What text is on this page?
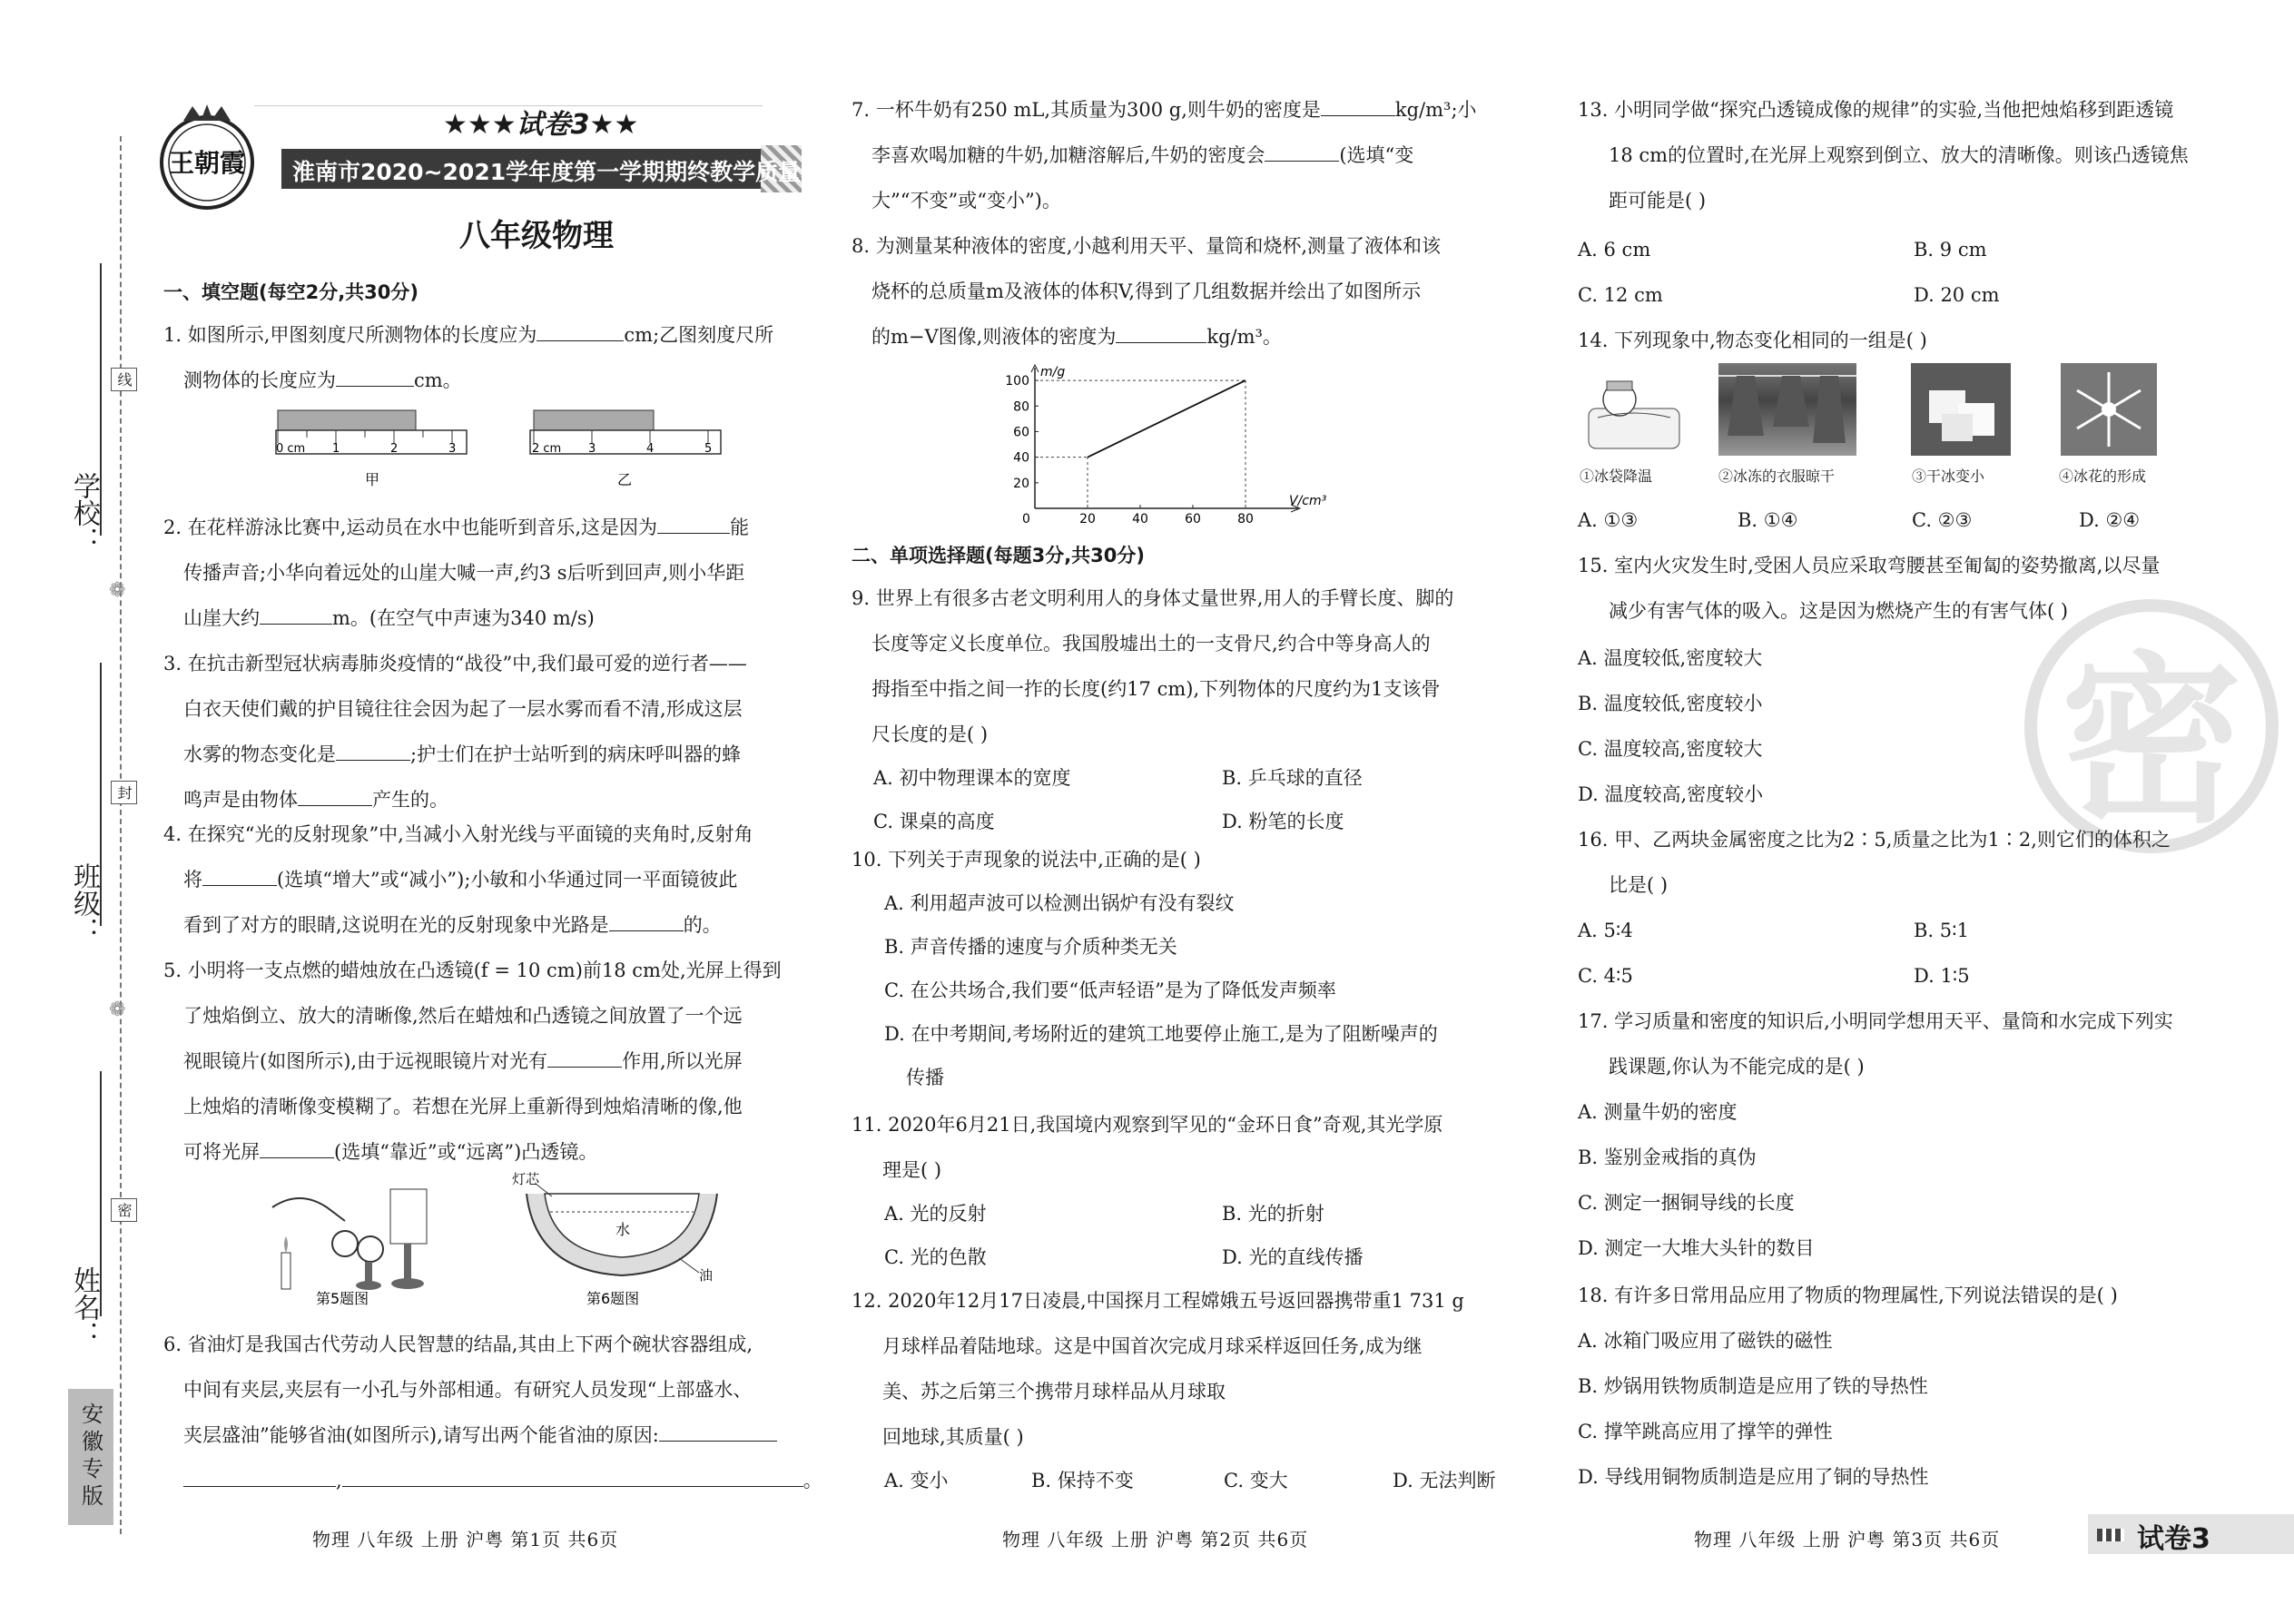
学校：
班级：
姓名：
线
封
密
❁
❁
安徽专版
王朝霞
★★★试卷3★★
淮南市2020~2021学年度第一学期期终教学质量检测试卷
八年级物理
一、填空题(每空2分,共30分)
1. 如图所示,甲图刻度尺所测物体的长度应为	cm;乙图刻度尺所
测物体的长度应为	cm。
0 cm 1	2	3
甲
2 cm 3	4	5
乙
2. 在花样游泳比赛中,运动员在水中也能听到音乐,这是因为	能
传播声音;小华向着远处的山崖大喊一声,约3 s后听到回声,则小华距
山崖大约	m。(在空气中声速为340 m/s)
3. 在抗击新型冠状病毒肺炎疫情的“战役”中,我们最可爱的逆行者——
白衣天使们戴的护目镜往往会因为起了一层水雾而看不清,形成这层
水雾的物态变化是	;护士们在护士站听到的病床呼叫器的蜂
鸣声是由物体	产生的。
4. 在探究“光的反射现象”中,当减小入射光线与平面镜的夹角时,反射角
将	(选填“增大”或“减小”);小敏和小华通过同一平面镜彼此
看到了对方的眼睛,这说明在光的反射现象中光路是	的。
5. 小明将一支点燃的蜡烛放在凸透镜(f = 10 cm)前18 cm处,光屏上得到
了烛焰倒立、放大的清晰像,然后在蜡烛和凸透镜之间放置了一个远
视眼镜片(如图所示),由于远视眼镜片对光有	作用,所以光屏
上烛焰的清晰像变模糊了。若想在光屏上重新得到烛焰清晰的像,他
可将光屏	(选填“靠近”或“远离”)凸透镜。
第5题图
灯芯
水
油
第6题图
6. 省油灯是我国古代劳动人民智慧的结晶,其由上下两个碗状容器组成,
中间有夹层,夹层有一小孔与外部相通。有研究人员发现“上部盛水、
夹层盛油”能够省油(如图所示),请写出两个能省油的原因:
,	。
物理 八年级 上册 沪粤 第1页 共6页
7. 一杯牛奶有250 mL,其质量为300 g,则牛奶的密度是	kg/m³;小
李喜欢喝加糖的牛奶,加糖溶解后,牛奶的密度会	(选填“变
大”“不变”或“变小”)。
8. 为测量某种液体的密度,小越利用天平、量筒和烧杯,测量了液体和该
烧杯的总质量m及液体的体积V,得到了几组数据并绘出了如图所示
的m−V图像,则液体的密度为	kg/m³。
m/g
V/cm³
0	20	40	60	80
20
40
60
80
100
二、单项选择题(每题3分,共30分)
9. 世界上有很多古老文明利用人的身体丈量世界,用人的手臂长度、脚的
长度等定义长度单位。我国殷墟出土的一支骨尺,约合中等身高人的
拇指至中指之间一拃的长度(约17 cm),下列物体的尺度约为1支该骨
尺长度的是( )
A. 初中物理课本的宽度	B. 乒乓球的直径
C. 课桌的高度	D. 粉笔的长度
10. 下列关于声现象的说法中,正确的是( )
A. 利用超声波可以检测出锅炉有没有裂纹
B. 声音传播的速度与介质种类无关
C. 在公共场合,我们要“低声轻语”是为了降低发声频率
D. 在中考期间,考场附近的建筑工地要停止施工,是为了阻断噪声的
传播
11. 2020年6月21日,我国境内观察到罕见的“金环日食”奇观,其光学原
理是( )
A. 光的反射	B. 光的折射
C. 光的色散	D. 光的直线传播
12. 2020年12月17日凌晨,中国探月工程嫦娥五号返回器携带重1 731 g
月球样品着陆地球。这是中国首次完成月球采样返回任务,成为继
美、苏之后第三个携带月球样品从月球取
回地球,其质量( )
A. 变小	B. 保持不变	C. 变大	D. 无法判断
物理 八年级 上册 沪粤 第2页 共6页
密
13. 小明同学做“探究凸透镜成像的规律”的实验,当他把烛焰移到距透镜
18 cm的位置时,在光屏上观察到倒立、放大的清晰像。则该凸透镜焦
距可能是( )
A. 6 cm	B. 9 cm
C. 12 cm	D. 20 cm
14. 下列现象中,物态变化相同的一组是( )
①冰袋降温	②冰冻的衣服晾干	③干冰变小	④冰花的形成
A. ①③	B. ①④	C. ②③	D. ②④
15. 室内火灾发生时,受困人员应采取弯腰甚至匍匐的姿势撤离,以尽量
减少有害气体的吸入。这是因为燃烧产生的有害气体( )
A. 温度较低,密度较大
B. 温度较低,密度较小
C. 温度较高,密度较大
D. 温度较高,密度较小
16. 甲、乙两块金属密度之比为2∶5,质量之比为1∶2,则它们的体积之
比是( )
A. 5∶4	B. 5∶1
C. 4∶5	D. 1∶5
17. 学习质量和密度的知识后,小明同学想用天平、量筒和水完成下列实
践课题,你认为不能完成的是( )
A. 测量牛奶的密度
B. 鉴别金戒指的真伪
C. 测定一捆铜导线的长度
D. 测定一大堆大头针的数目
18. 有许多日常用品应用了物质的物理属性,下列说法错误的是( )
A. 冰箱门吸应用了磁铁的磁性
B. 炒锅用铁物质制造是应用了铁的导热性
C. 撑竿跳高应用了撑竿的弹性
D. 导线用铜物质制造是应用了铜的导热性
物理 八年级 上册 沪粤 第3页 共6页	试卷3
